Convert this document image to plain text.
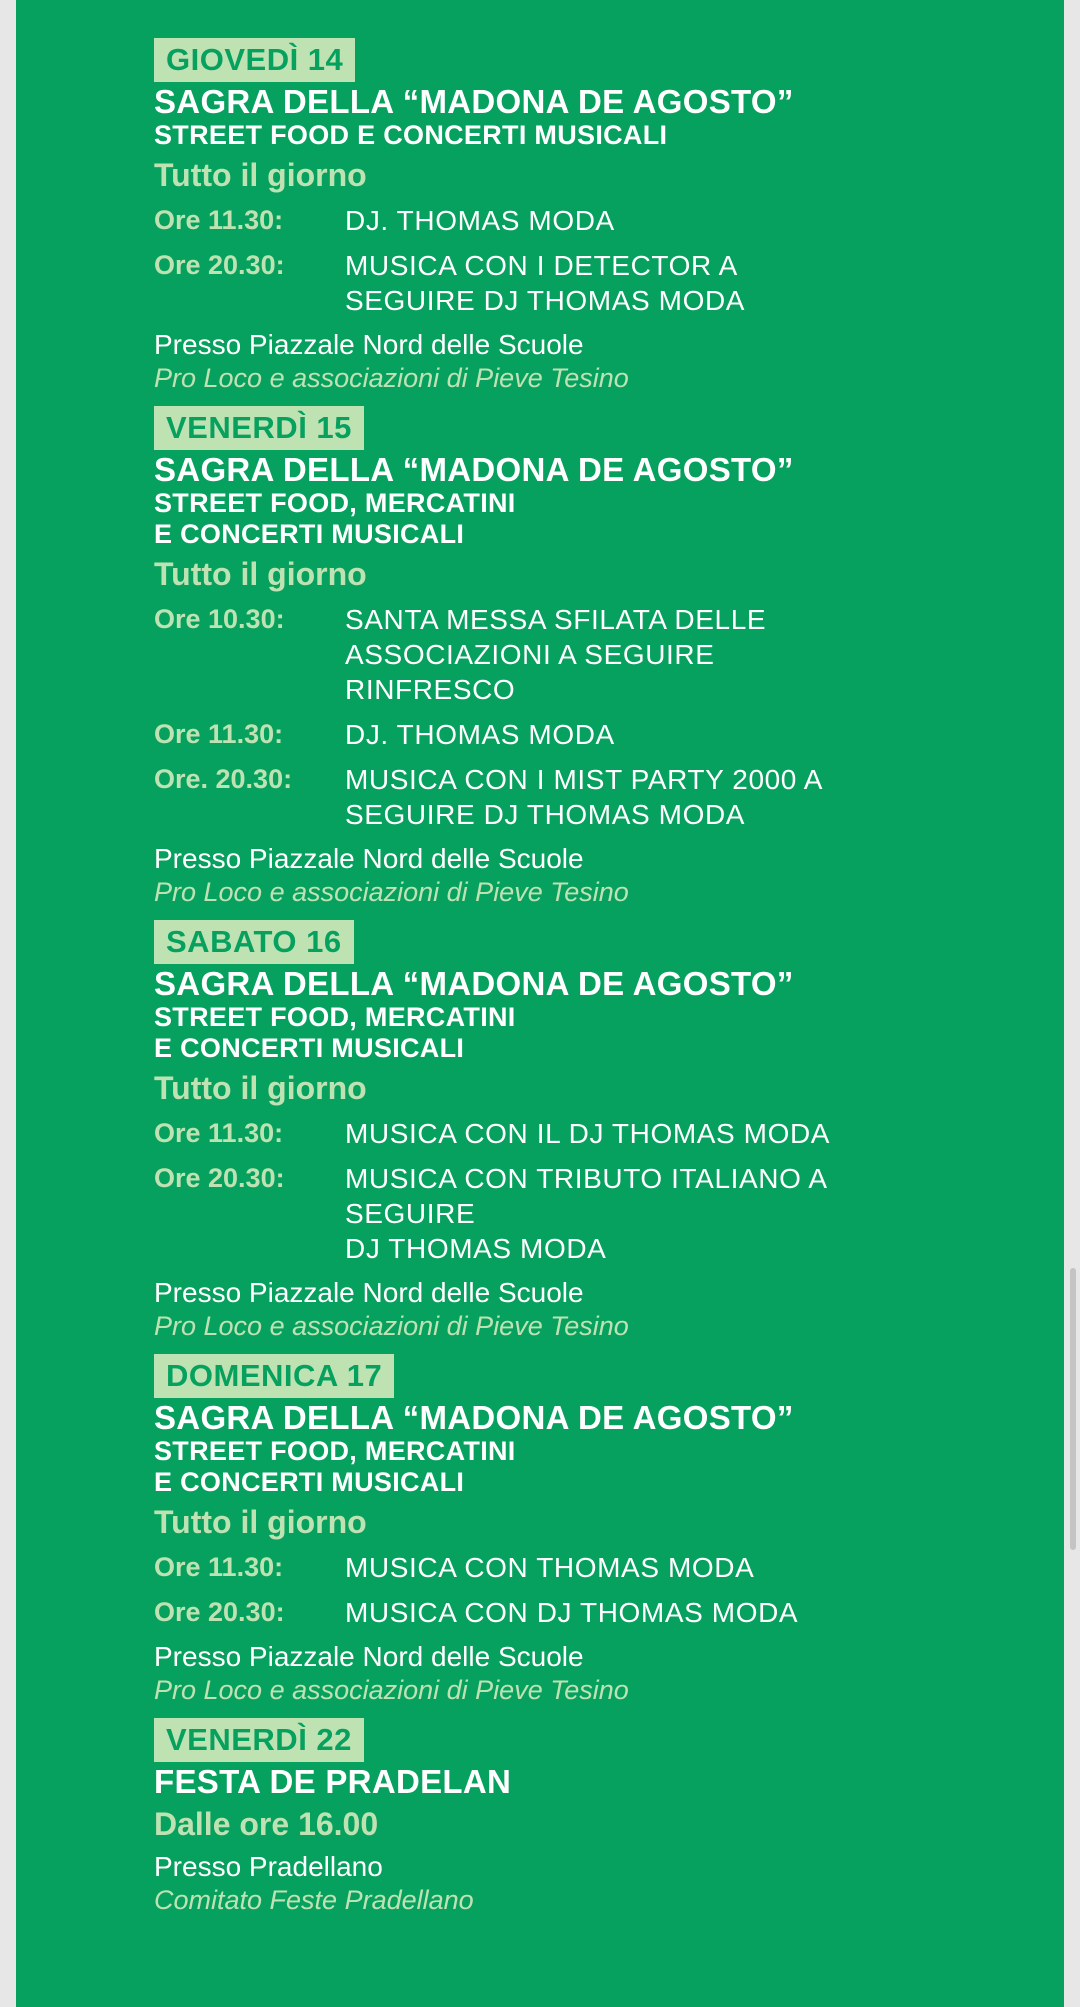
GIOVEDÌ 14
SAGRA DELLA “MADONA DE AGOSTO”
STREET FOOD E CONCERTI MUSICALI
Tutto il giorno
Ore 11.30:	DJ. THOMAS MODA
Ore 20.30:	MUSICA CON I DETECTOR A
SEGUIRE DJ THOMAS MODA
Presso Piazzale Nord delle Scuole
Pro Loco e associazioni di Pieve Tesino
VENERDÌ 15
SAGRA DELLA “MADONA DE AGOSTO”
STREET FOOD, MERCATINI
E CONCERTI MUSICALI
Tutto il giorno
Ore 10.30:	SANTA MESSA SFILATA DELLE
ASSOCIAZIONI A SEGUIRE
RINFRESCO
Ore 11.30:	DJ. THOMAS MODA
Ore. 20.30:	MUSICA CON I MIST PARTY 2000 A
SEGUIRE DJ THOMAS MODA
Presso Piazzale Nord delle Scuole
Pro Loco e associazioni di Pieve Tesino
SABATO 16
SAGRA DELLA “MADONA DE AGOSTO”
STREET FOOD, MERCATINI
E CONCERTI MUSICALI
Tutto il giorno
Ore 11.30:	MUSICA CON IL DJ THOMAS MODA
Ore 20.30:	MUSICA CON TRIBUTO ITALIANO A
SEGUIRE
DJ THOMAS MODA
Presso Piazzale Nord delle Scuole
Pro Loco e associazioni di Pieve Tesino
DOMENICA 17
SAGRA DELLA “MADONA DE AGOSTO”
STREET FOOD, MERCATINI
E CONCERTI MUSICALI
Tutto il giorno
Ore 11.30:	MUSICA CON THOMAS MODA
Ore 20.30:	MUSICA CON DJ THOMAS MODA
Presso Piazzale Nord delle Scuole
Pro Loco e associazioni di Pieve Tesino
VENERDÌ 22
FESTA DE PRADELAN
Dalle ore 16.00
Presso Pradellano
Comitato Feste Pradellano
